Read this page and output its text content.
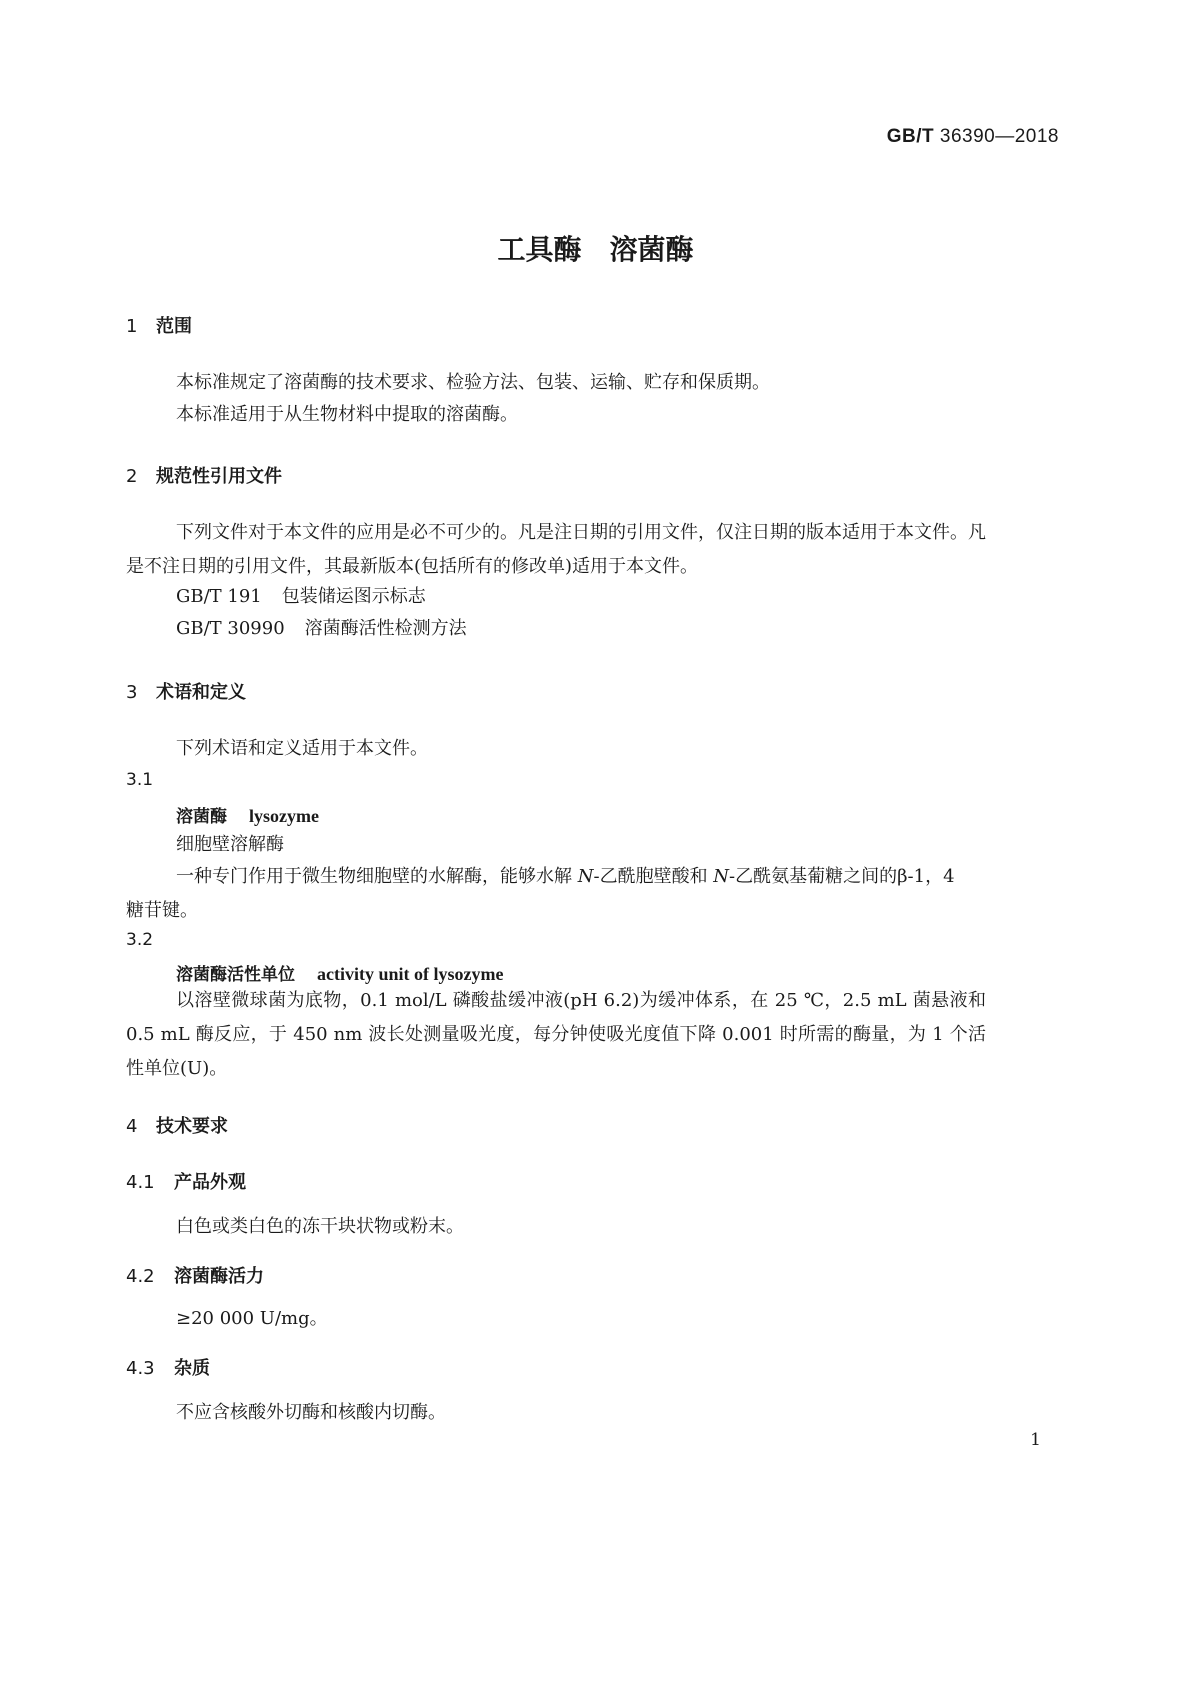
GB/T 36390—2018
工具酶　溶菌酶
1 范围
本标准规定了溶菌酶的技术要求、检验方法、包装、运输、贮存和保质期。
本标准适用于从生物材料中提取的溶菌酶。
2 规范性引用文件
下列文件对于本文件的应用是必不可少的。凡是注日期的引用文件，仅注日期的版本适用于本文件。凡是不注日期的引用文件，其最新版本(包括所有的修改单)适用于本文件。
GB/T 191 包装储运图示标志
GB/T 30990 溶菌酶活性检测方法
3 术语和定义
下列术语和定义适用于本文件。
3.1
溶菌酶 lysozyme
细胞壁溶解酶
一种专门作用于微生物细胞壁的水解酶，能够水解 N-乙酰胞壁酸和 N-乙酰氨基葡糖之间的β-1，4
糖苷键。
3.2
溶菌酶活性单位 activity unit of lysozyme
以溶壁微球菌为底物，0.1 mol/L 磷酸盐缓冲液(pH 6.2)为缓冲体系，在 25 ℃，2.5 mL 菌悬液和 0.5 mL 酶反应，于 450 nm 波长处测量吸光度，每分钟使吸光度值下降 0.001 时所需的酶量，为 1 个活性单位(U)。
4 技术要求
4.1 产品外观
白色或类白色的冻干块状物或粉末。
4.2 溶菌酶活力
≥20 000 U/mg。
4.3 杂质
不应含核酸外切酶和核酸内切酶。
1
